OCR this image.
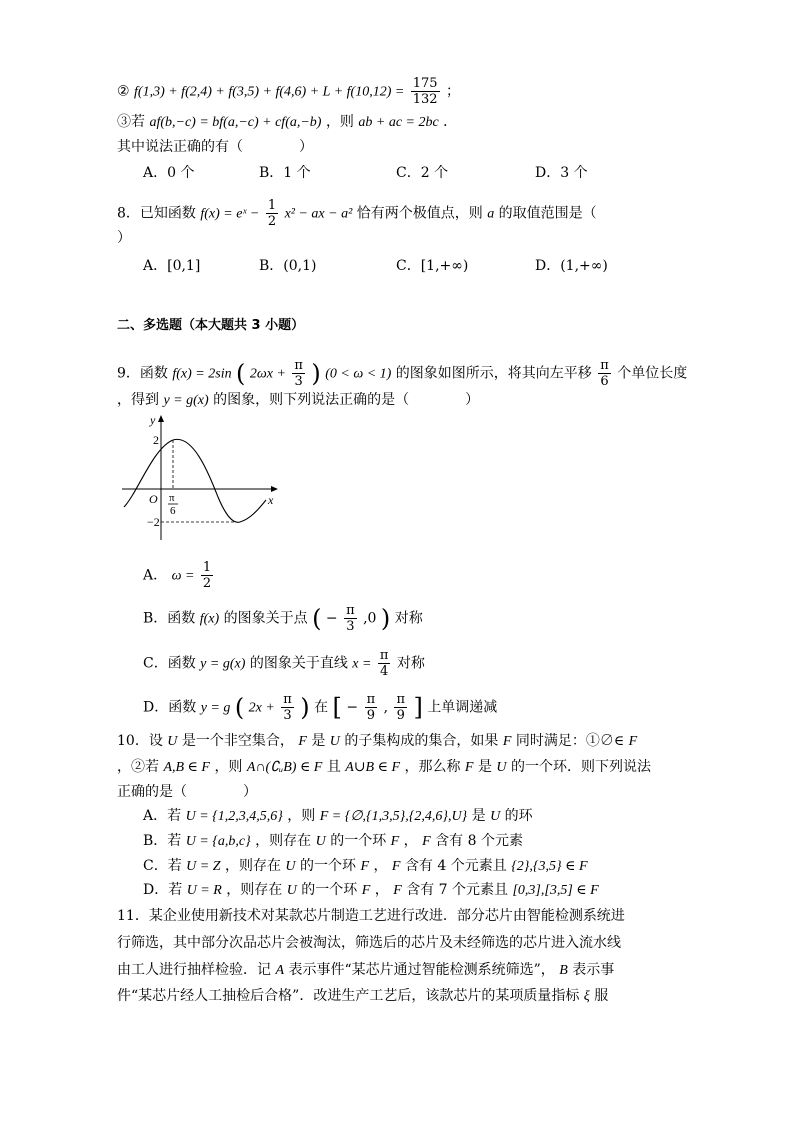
② $f(1,3) + f(2,4) + f(3,5) + f(4,6) + L + f(10,12) = \frac{175}{132}$ ；
③若 af(b,−c) = bf(a,−c) + cf(a,−b) ，则 ab + ac = 2bc ．
其中说法正确的有（　　　　）
A．0 个	B．1 个	C．2 个	D．3 个
8．已知函数 f(x) = eˣ − $\frac{1}{2} x^2$ − ax − a² 恰有两个极值点，则 a 的取值范围是（
）
A．[0,1]	B．(0,1)	C．[1,+∞)	D．(1,+∞)
二、多选题（本大题共 3 小题）
9．函数 f(x) = 2sin ( $2\omega x + \frac{\pi}{3}$ ) (0 < ω < 1) 的图象如图所示，将其向左平移 $\frac{\pi}{6}$ 个单位长度
，得到 y = g(x) 的图象，则下列说法正确的是（　　　　）
y
x
O
2
−2
π
6
A． $\omega = \frac{1}{2}$
B．函数 f(x) 的图象关于点 ( − $\frac{\pi}{3} ,0$ ) 对称
C．函数 y = g(x) 的图象关于直线 $x = \frac{\pi}{4}$ 对称
D．函数 y = g ( $2x + \frac{\pi}{3}$ ) 在 [ − $\frac{\pi}{9}$ , $\frac{\pi}{9}$ ] 上单调递减
10．设 U 是一个非空集合， F 是 U 的子集构成的集合，如果 F 同时满足：①∅∈ F
，②若 A,B ∈ F ，则 A∩(∁ᵤB) ∈ F 且 A∪B ∈ F ，那么称 F 是 U 的一个环．则下列说法
正确的是（　　　　）
A．若 U = {1,2,3,4,5,6} ，则 F = {∅,{1,3,5},{2,4,6},U} 是 U 的环
B．若 U = {a,b,c} ，则存在 U 的一个环 F ， F 含有 8 个元素
C．若 U = Z ，则存在 U 的一个环 F ， F 含有 4 个元素且 {2},{3,5} ∈ F
D．若 U = R ，则存在 U 的一个环 F ， F 含有 7 个元素且 [0,3],[3,5] ∈ F
11．某企业使用新技术对某款芯片制造工艺进行改进．部分芯片由智能检测系统进
行筛选，其中部分次品芯片会被淘汰，筛选后的芯片及未经筛选的芯片进入流水线
由工人进行抽样检验．记 A 表示事件“某芯片通过智能检测系统筛选”， B 表示事
件“某芯片经人工抽检后合格”．改进生产工艺后，该款芯片的某项质量指标 ξ 服
